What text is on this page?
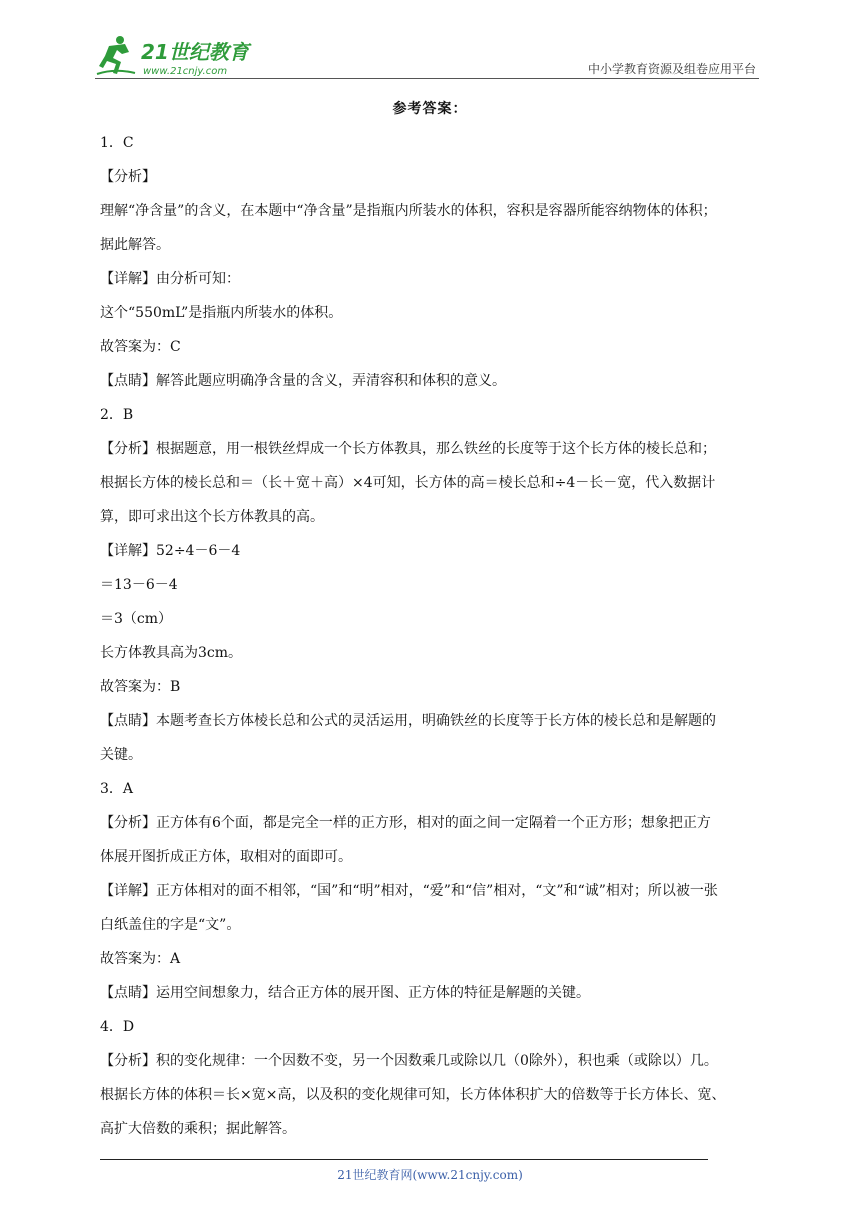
21世纪教育
www.21cnjy.com	中小学教育资源及组卷应用平台
参考答案：

1．C

【分析】

理解“净含量”的含义，在本题中“净含量”是指瓶内所装水的体积，容积是容器所能容纳物体的体积；

据此解答。

【详解】由分析可知：

这个“550mL”是指瓶内所装水的体积。

故答案为：C

【点睛】解答此题应明确净含量的含义，弄清容积和体积的意义。

2．B

【分析】根据题意，用一根铁丝焊成一个长方体教具，那么铁丝的长度等于这个长方体的棱长总和；

根据长方体的棱长总和＝（长＋宽＋高）×4可知，长方体的高＝棱长总和÷4－长－宽，代入数据计

算，即可求出这个长方体教具的高。

【详解】52÷4－6－4

＝13－6－4

＝3（cm）

长方体教具高为3cm。

故答案为：B

【点睛】本题考查长方体棱长总和公式的灵活运用，明确铁丝的长度等于长方体的棱长总和是解题的

关键。

3．A

【分析】正方体有6个面，都是完全一样的正方形，相对的面之间一定隔着一个正方形；想象把正方

体展开图折成正方体，取相对的面即可。

【详解】正方体相对的面不相邻，“国”和“明”相对，“爱”和“信”相对，“文”和“诚”相对；所以被一张

白纸盖住的字是“文”。

故答案为：A

【点睛】运用空间想象力，结合正方体的展开图、正方体的特征是解题的关键。

4．D

【分析】积的变化规律：一个因数不变，另一个因数乘几或除以几（0除外），积也乘（或除以）几。

根据长方体的体积＝长×宽×高，以及积的变化规律可知，长方体体积扩大的倍数等于长方体长、宽、

高扩大倍数的乘积；据此解答。

21世纪教育网(www.21cnjy.com)
